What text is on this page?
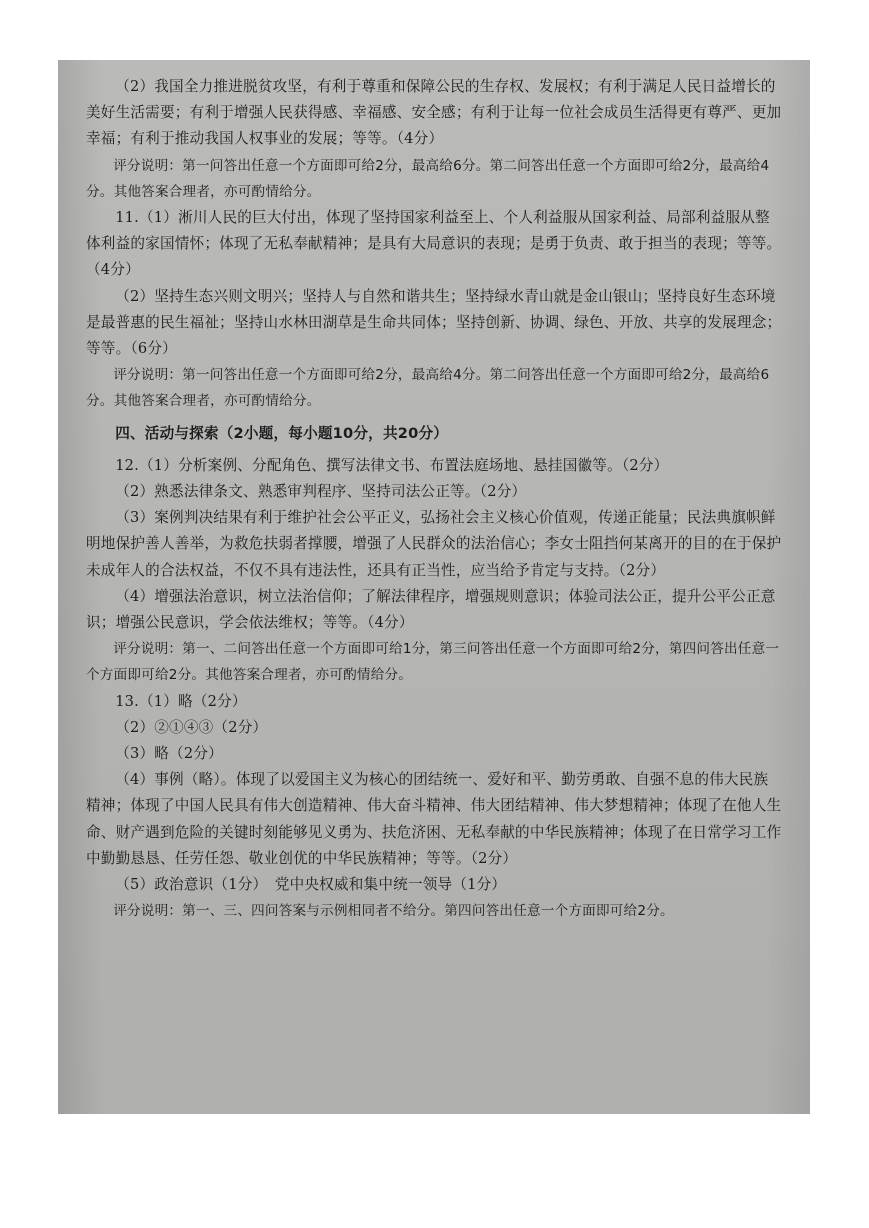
（2）我国全力推进脱贫攻坚，有利于尊重和保障公民的生存权、发展权；有利于满足人民日益增长的美好生活需要；有利于增强人民获得感、幸福感、安全感；有利于让每一位社会成员生活得更有尊严、更加幸福；有利于推动我国人权事业的发展；等等。（4分）

评分说明：第一问答出任意一个方面即可给2分，最高给6分。第二问答出任意一个方面即可给2分，最高给4分。其他答案合理者，亦可酌情给分。

11.（1）淅川人民的巨大付出，体现了坚持国家利益至上、个人利益服从国家利益、局部利益服从整体利益的家国情怀；体现了无私奉献精神；是具有大局意识的表现；是勇于负责、敢于担当的表现；等等。（4分）

（2）坚持生态兴则文明兴；坚持人与自然和谐共生；坚持绿水青山就是金山银山；坚持良好生态环境是最普惠的民生福祉；坚持山水林田湖草是生命共同体；坚持创新、协调、绿色、开放、共享的发展理念；等等。（6分）

评分说明：第一问答出任意一个方面即可给2分，最高给4分。第二问答出任意一个方面即可给2分，最高给6分。其他答案合理者，亦可酌情给分。

四、活动与探索（2小题，每小题10分，共20分）

12.（1）分析案例、分配角色、撰写法律文书、布置法庭场地、悬挂国徽等。（2分）

（2）熟悉法律条文、熟悉审判程序、坚持司法公正等。（2分）

（3）案例判决结果有利于维护社会公平正义，弘扬社会主义核心价值观，传递正能量；民法典旗帜鲜明地保护善人善举，为救危扶弱者撑腰，增强了人民群众的法治信心；李女士阻挡何某离开的目的在于保护未成年人的合法权益，不仅不具有违法性，还具有正当性，应当给予肯定与支持。（2分）

（4）增强法治意识，树立法治信仰；了解法律程序，增强规则意识；体验司法公正，提升公平公正意识；增强公民意识，学会依法维权；等等。（4分）

评分说明：第一、二问答出任意一个方面即可给1分，第三问答出任意一个方面即可给2分，第四问答出任意一个方面即可给2分。其他答案合理者，亦可酌情给分。

13.（1）略（2分）

（2）②①④③（2分）

（3）略（2分）

（4）事例（略）。体现了以爱国主义为核心的团结统一、爱好和平、勤劳勇敢、自强不息的伟大民族精神；体现了中国人民具有伟大创造精神、伟大奋斗精神、伟大团结精神、伟大梦想精神；体现了在他人生命、财产遇到危险的关键时刻能够见义勇为、扶危济困、无私奉献的中华民族精神；体现了在日常学习工作中勤勤恳恳、任劳任怨、敬业创优的中华民族精神；等等。（2分）

（5）政治意识（1分）　党中央权威和集中统一领导（1分）

评分说明：第一、三、四问答案与示例相同者不给分。第四问答出任意一个方面即可给2分。
